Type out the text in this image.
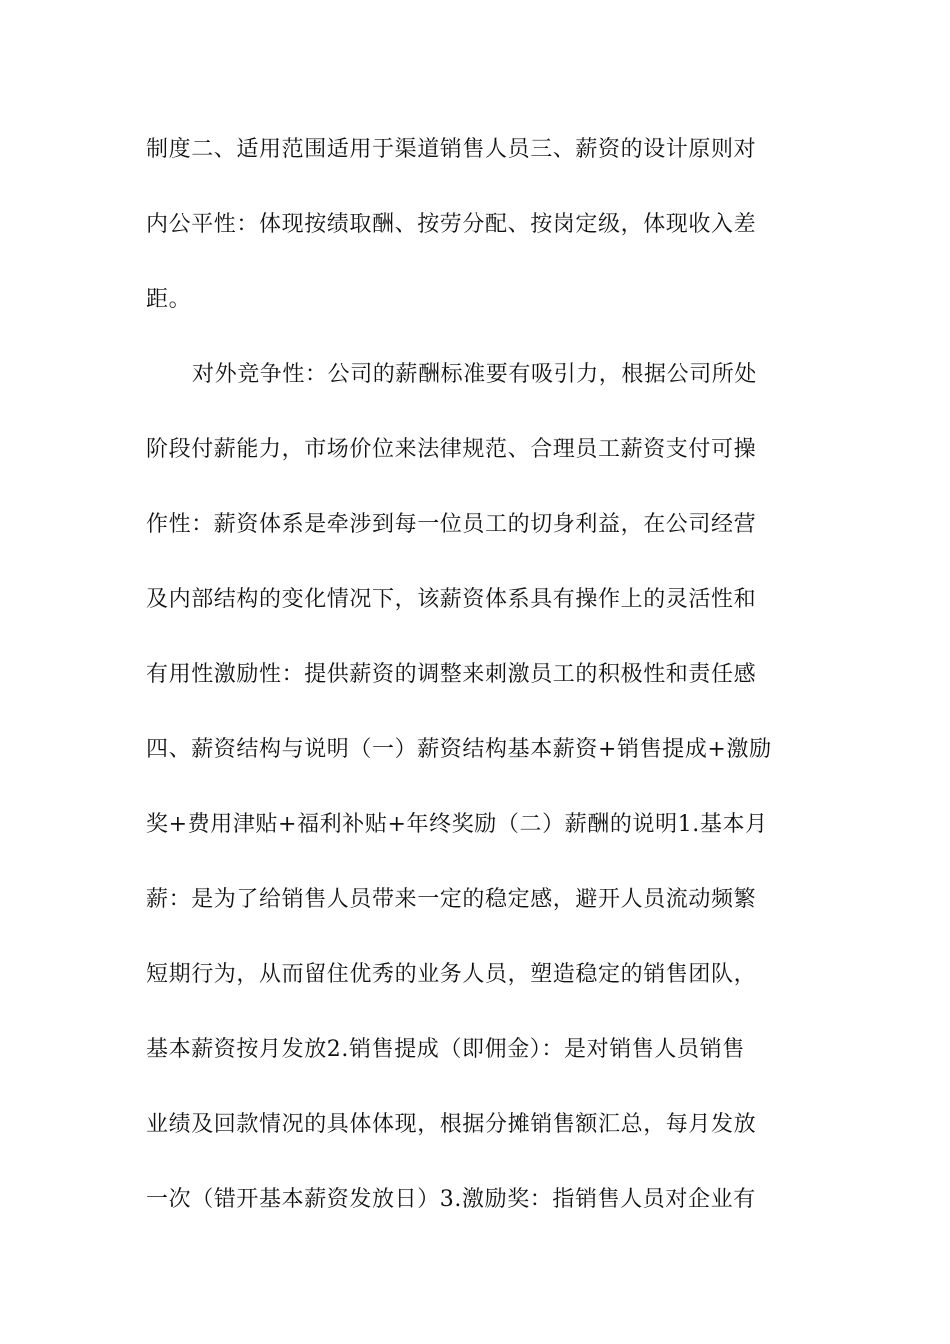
制度二、适用范围适用于渠道销售人员三、薪资的设计原则对
内公平性：体现按绩取酬、按劳分配、按岗定级，体现收入差
距。
对外竞争性：公司的薪酬标准要有吸引力，根据公司所处
阶段付薪能力，市场价位来法律规范、合理员工薪资支付可操
作性：薪资体系是牵涉到每一位员工的切身利益，在公司经营
及内部结构的变化情况下，该薪资体系具有操作上的灵活性和
有用性激励性：提供薪资的调整来刺激员工的积极性和责任感
四、薪资结构与说明（一）薪资结构基本薪资+销售提成+激励
奖+费用津贴+福利补贴+年终奖励（二）薪酬的说明1.基本月
薪：是为了给销售人员带来一定的稳定感，避开人员流动频繁
短期行为，从而留住优秀的业务人员，塑造稳定的销售团队，
基本薪资按月发放2.销售提成（即佣金）：是对销售人员销售
业绩及回款情况的具体体现，根据分摊销售额汇总，每月发放
一次（错开基本薪资发放日）3.激励奖：指销售人员对企业有
